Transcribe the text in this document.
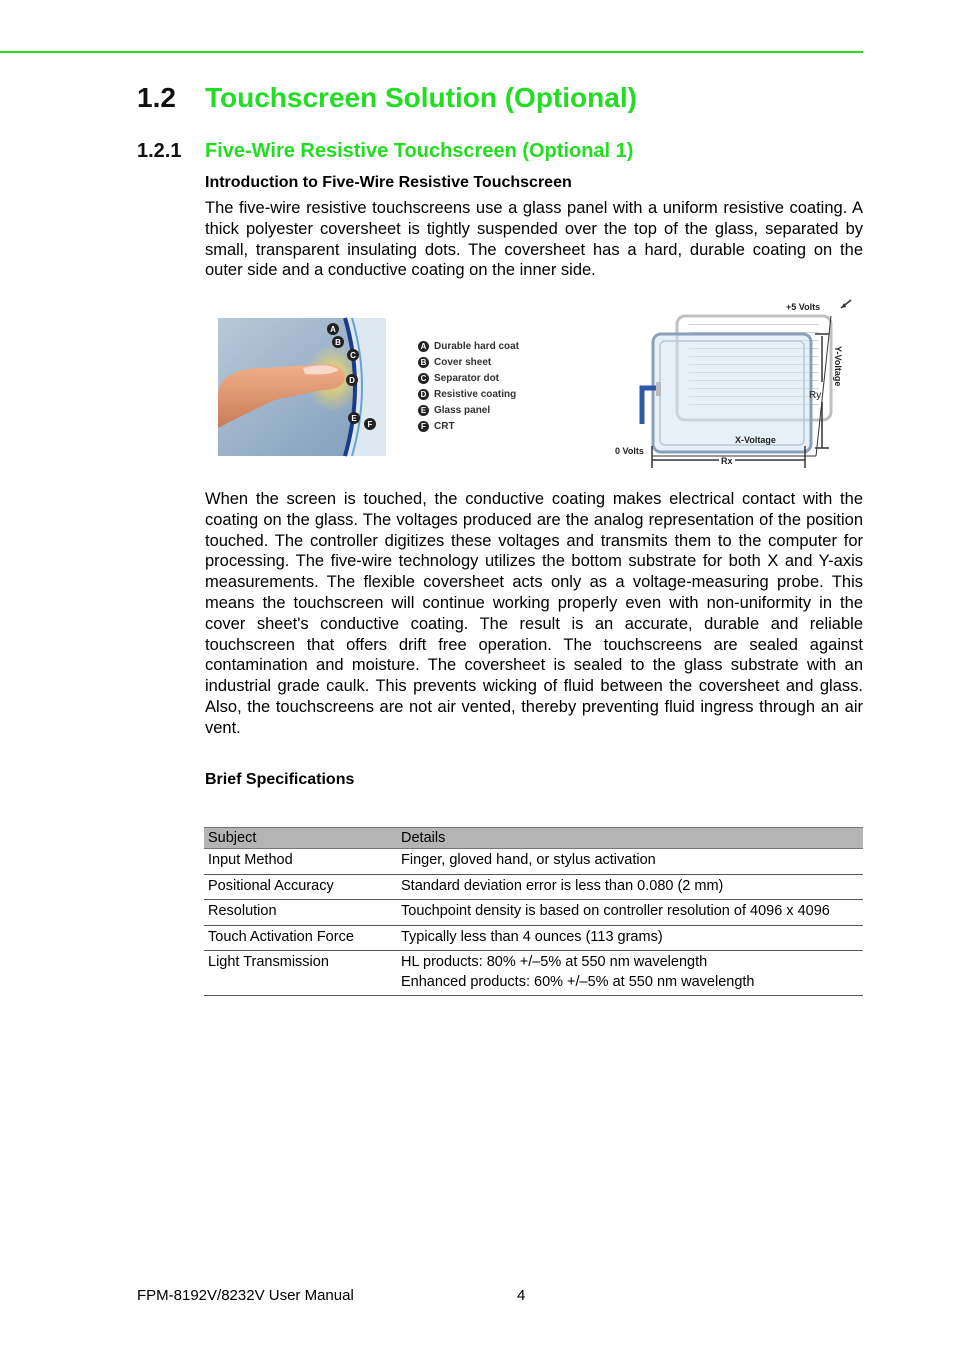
1.2 Touchscreen Solution (Optional)
1.2.1 Five-Wire Resistive Touchscreen (Optional 1)
Introduction to Five-Wire Resistive Touchscreen
The five-wire resistive touchscreens use a glass panel with a uniform resistive coating. A thick polyester coversheet is tightly suspended over the top of the glass, separated by small, transparent insulating dots. The coversheet has a hard, durable coating on the outer side and a conductive coating on the inner side.
A
B
C
D
E
F
+5 Volts
0 Volts
X-Voltage
Ry
Rx
Y-Voltage
A Durable hard coat
B Cover sheet
C Separator dot
D Resistive coating
E Glass panel
F CRT
When the screen is touched, the conductive coating makes electrical contact with the coating on the glass. The voltages produced are the analog representation of the position touched. The controller digitizes these voltages and transmits them to the computer for processing. The five-wire technology utilizes the bottom substrate for both X and Y-axis measurements. The flexible coversheet acts only as a voltage-measuring probe. This means the touchscreen will continue working properly even with non-uniformity in the cover sheet's conductive coating. The result is an accurate, durable and reliable touchscreen that offers drift free operation. The touchscreens are sealed against contamination and moisture. The coversheet is sealed to the glass substrate with an industrial grade caulk. This prevents wicking of fluid between the coversheet and glass. Also, the touchscreens are not air vented, thereby preventing fluid ingress through an air vent.
Brief Specifications
Subject	Details
Input Method	Finger, gloved hand, or stylus activation

Positional Accuracy	Standard deviation error is less than 0.080 (2 mm)

Resolution	Touchpoint density is based on controller resolution of 4096 x 4096

Touch Activation Force	Typically less than 4 ounces (113 grams)

Light Transmission	HL products: 80% +/–5% at 550 nm wavelength
Enhanced products: 60% +/–5% at 550 nm wavelength
FPM-8192V/8232V User Manual	4
